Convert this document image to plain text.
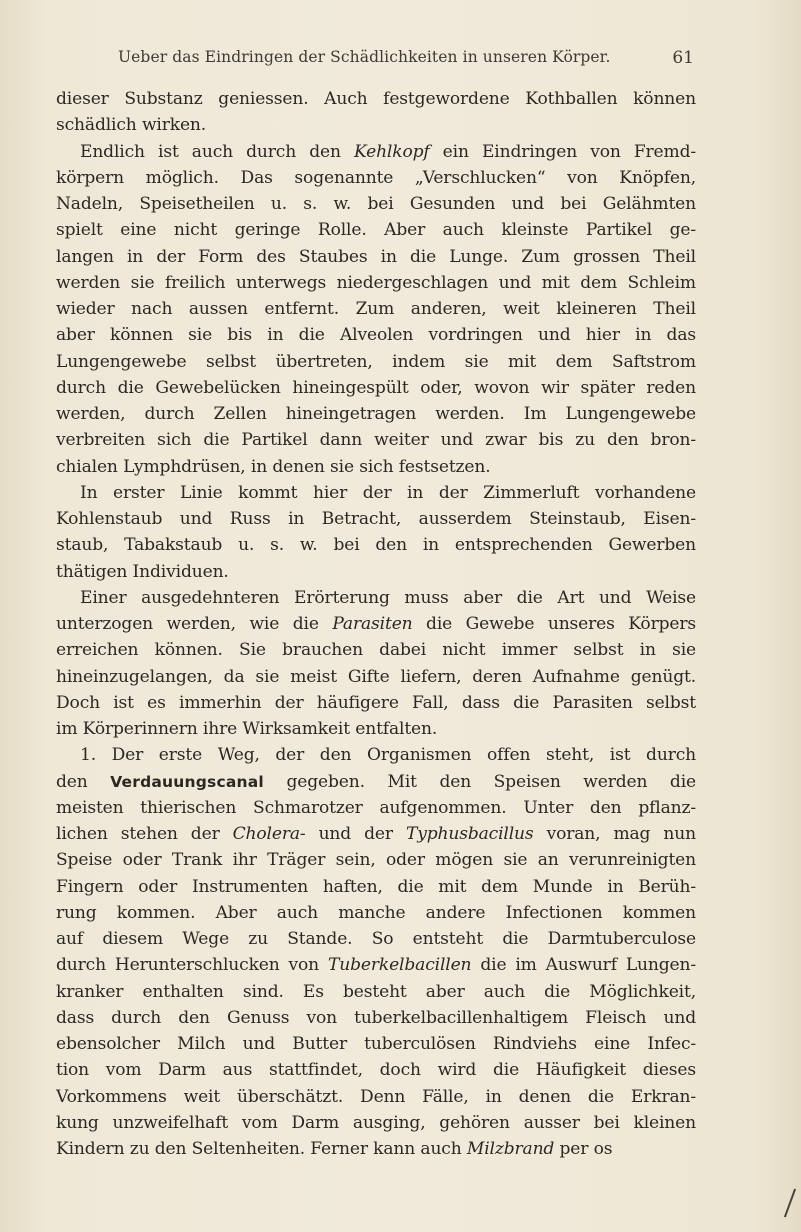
Ueber das Eindringen der Schädlichkeiten in unseren Körper.	61
dieser Substanz geniessen. Auch festgewordene Kothballen können
schädlich wirken.
Endlich ist auch durch den Kehlkopf ein Eindringen von Fremd-
körpern möglich. Das sogenannte „Verschlucken“ von Knöpfen,
Nadeln, Speisetheilen u. s. w. bei Gesunden und bei Gelähmten
spielt eine nicht geringe Rolle. Aber auch kleinste Partikel ge-
langen in der Form des Staubes in die Lunge. Zum grossen Theil
werden sie freilich unterwegs niedergeschlagen und mit dem Schleim
wieder nach aussen entfernt. Zum anderen, weit kleineren Theil
aber können sie bis in die Alveolen vordringen und hier in das
Lungengewebe selbst übertreten, indem sie mit dem Saftstrom
durch die Gewebelücken hineingespült oder, wovon wir später reden
werden, durch Zellen hineingetragen werden. Im Lungengewebe
verbreiten sich die Partikel dann weiter und zwar bis zu den bron-
chialen Lymphdrüsen, in denen sie sich festsetzen.
In erster Linie kommt hier der in der Zimmerluft vorhandene
Kohlenstaub und Russ in Betracht, ausserdem Steinstaub, Eisen-
staub, Tabakstaub u. s. w. bei den in entsprechenden Gewerben
thätigen Individuen.
Einer ausgedehnteren Erörterung muss aber die Art und Weise
unterzogen werden, wie die Parasiten die Gewebe unseres Körpers
erreichen können. Sie brauchen dabei nicht immer selbst in sie
hineinzugelangen, da sie meist Gifte liefern, deren Aufnahme genügt.
Doch ist es immerhin der häufigere Fall, dass die Parasiten selbst
im Körperinnern ihre Wirksamkeit entfalten.
1. Der erste Weg, der den Organismen offen steht, ist durch
den Verdauungscanal gegeben. Mit den Speisen werden die
meisten thierischen Schmarotzer aufgenommen. Unter den pflanz-
lichen stehen der Cholera- und der Typhusbacillus voran, mag nun
Speise oder Trank ihr Träger sein, oder mögen sie an verunreinigten
Fingern oder Instrumenten haften, die mit dem Munde in Berüh-
rung kommen. Aber auch manche andere Infectionen kommen
auf diesem Wege zu Stande. So entsteht die Darmtuberculose
durch Herunterschlucken von Tuberkelbacillen die im Auswurf Lungen-
kranker enthalten sind. Es besteht aber auch die Möglichkeit,
dass durch den Genuss von tuberkelbacillenhaltigem Fleisch und
ebensolcher Milch und Butter tuberculösen Rindviehs eine Infec-
tion vom Darm aus stattfindet, doch wird die Häufigkeit dieses
Vorkommens weit überschätzt. Denn Fälle, in denen die Erkran-
kung unzweifelhaft vom Darm ausging, gehören ausser bei kleinen
Kindern zu den Seltenheiten. Ferner kann auch Milzbrand per os
